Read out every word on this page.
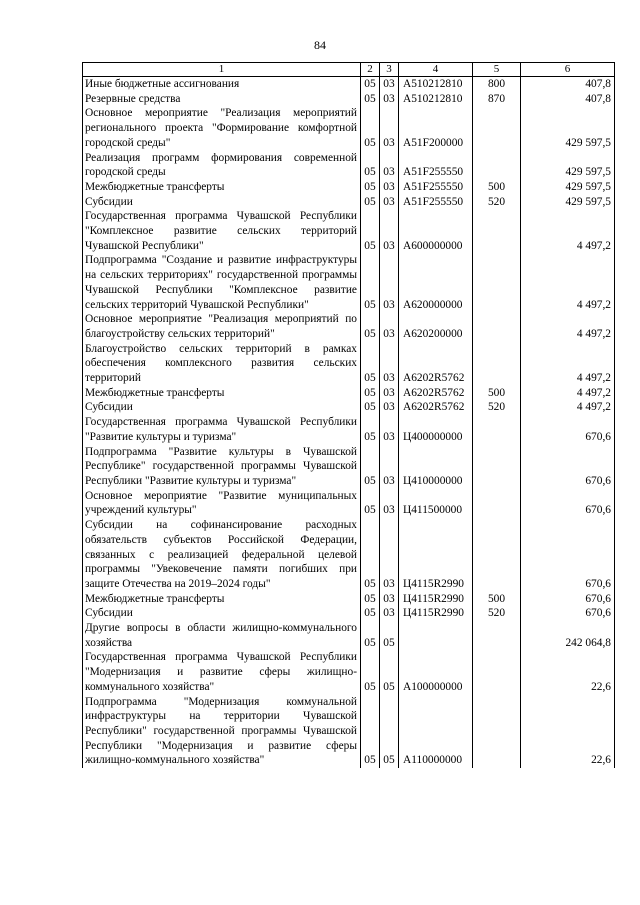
84
1	2	3	4	5	6
Иные бюджетные ассигнования	05	03	А510212810	800	407,8
Резервные средства	05	03	А510212810	870	407,8
Основное мероприятие "Реализация мероприятий регионального проекта "Формирование комфортной городской среды"	05	03	А51F200000		429 597,5
Реализация программ формирования современной городской среды	05	03	А51F255550		429 597,5
Межбюджетные трансферты	05	03	А51F255550	500	429 597,5
Субсидии	05	03	А51F255550	520	429 597,5
Государственная программа Чувашской Республики "Комплексное развитие сельских территорий Чувашской Республики"	05	03	А600000000		4 497,2
Подпрограмма "Создание и развитие инфраструктуры на сельских территориях" государственной программы Чувашской Республики "Комплексное развитие сельских территорий Чувашской Республики"	05	03	А620000000		4 497,2
Основное мероприятие "Реализация мероприятий по благоустройству сельских территорий"	05	03	А620200000		4 497,2
Благоустройство сельских территорий в рамках обеспечения комплексного развития сельских территорий	05	03	А6202R5762		4 497,2
Межбюджетные трансферты	05	03	А6202R5762	500	4 497,2
Субсидии	05	03	А6202R5762	520	4 497,2
Государственная программа Чувашской Республики "Развитие культуры и туризма"	05	03	Ц400000000		670,6
Подпрограмма "Развитие культуры в Чувашской Республике" государственной программы Чувашской Республики "Развитие культуры и туризма"	05	03	Ц410000000		670,6
Основное мероприятие "Развитие муниципальных учреждений культуры"	05	03	Ц411500000		670,6
Субсидии на софинансирование расходных обязательств субъектов Российской Федерации, связанных с реализацией федеральной целевой программы "Увековечение памяти погибших при защите Отечества на 2019–2024 годы"	05	03	Ц4115R2990		670,6
Межбюджетные трансферты	05	03	Ц4115R2990	500	670,6
Субсидии	05	03	Ц4115R2990	520	670,6
Другие вопросы в области жилищно-коммунального хозяйства	05	05			242 064,8
Государственная программа Чувашской Республики "Модернизация и развитие сферы жилищно-коммунального хозяйства"	05	05	А100000000		22,6
Подпрограмма "Модернизация коммунальной инфраструктуры на территории Чувашской Республики" государственной программы Чувашской Республики "Модернизация и развитие сферы жилищно-коммунального хозяйства"	05	05	А110000000		22,6
